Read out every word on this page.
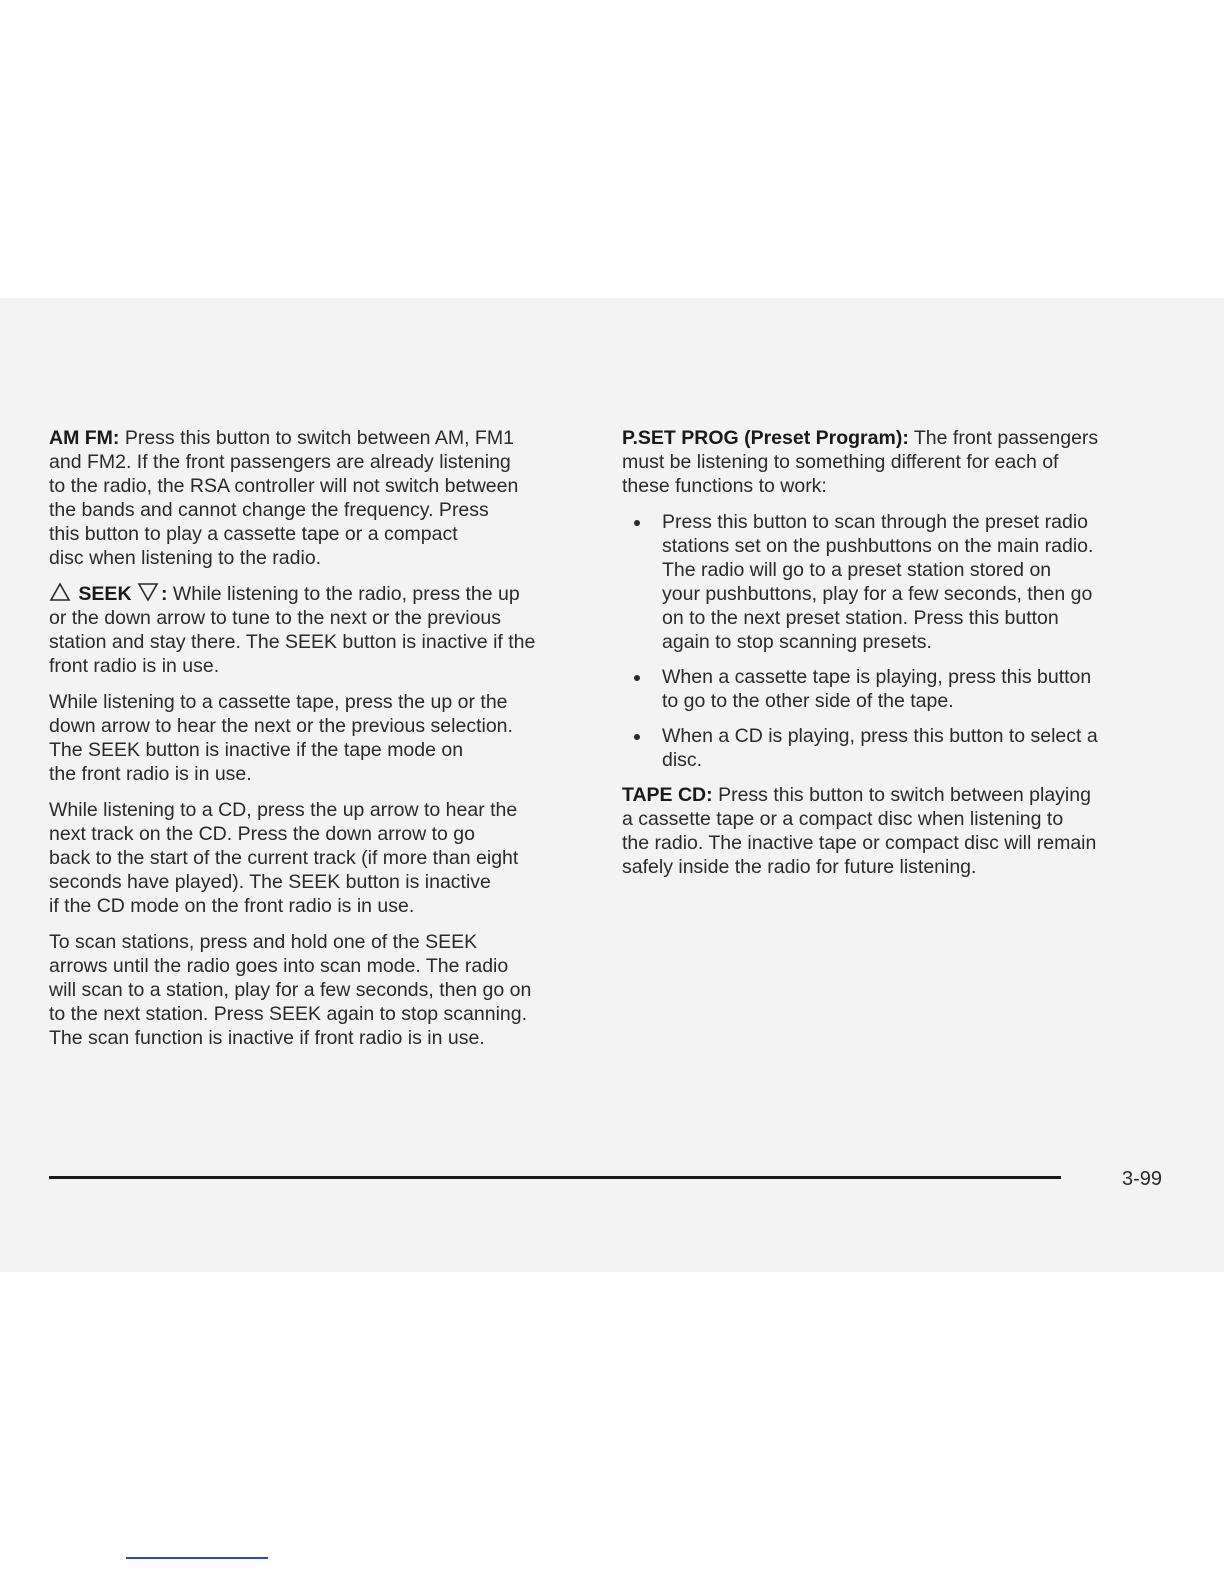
AM FM: Press this button to switch between AM, FM1
and FM2. If the front passengers are already listening
to the radio, the RSA controller will not switch between
the bands and cannot change the frequency. Press
this button to play a cassette tape or a compact
disc when listening to the radio.

SEEK : While listening to the radio, press the up
or the down arrow to tune to the next or the previous
station and stay there. The SEEK button is inactive if the
front radio is in use.

While listening to a cassette tape, press the up or the
down arrow to hear the next or the previous selection.
The SEEK button is inactive if the tape mode on
the front radio is in use.

While listening to a CD, press the up arrow to hear the
next track on the CD. Press the down arrow to go
back to the start of the current track (if more than eight
seconds have played). The SEEK button is inactive
if the CD mode on the front radio is in use.

To scan stations, press and hold one of the SEEK
arrows until the radio goes into scan mode. The radio
will scan to a station, play for a few seconds, then go on
to the next station. Press SEEK again to stop scanning.
The scan function is inactive if front radio is in use.

P.SET PROG (Preset Program): The front passengers
must be listening to something different for each of
these functions to work:

Press this button to scan through the preset radio
stations set on the pushbuttons on the main radio.
The radio will go to a preset station stored on
your pushbuttons, play for a few seconds, then go
on to the next preset station. Press this button
again to stop scanning presets.
When a cassette tape is playing, press this button
to go to the other side of the tape.
When a CD is playing, press this button to select a
disc.

TAPE CD: Press this button to switch between playing
a cassette tape or a compact disc when listening to
the radio. The inactive tape or compact disc will remain
safely inside the radio for future listening.

3-99
